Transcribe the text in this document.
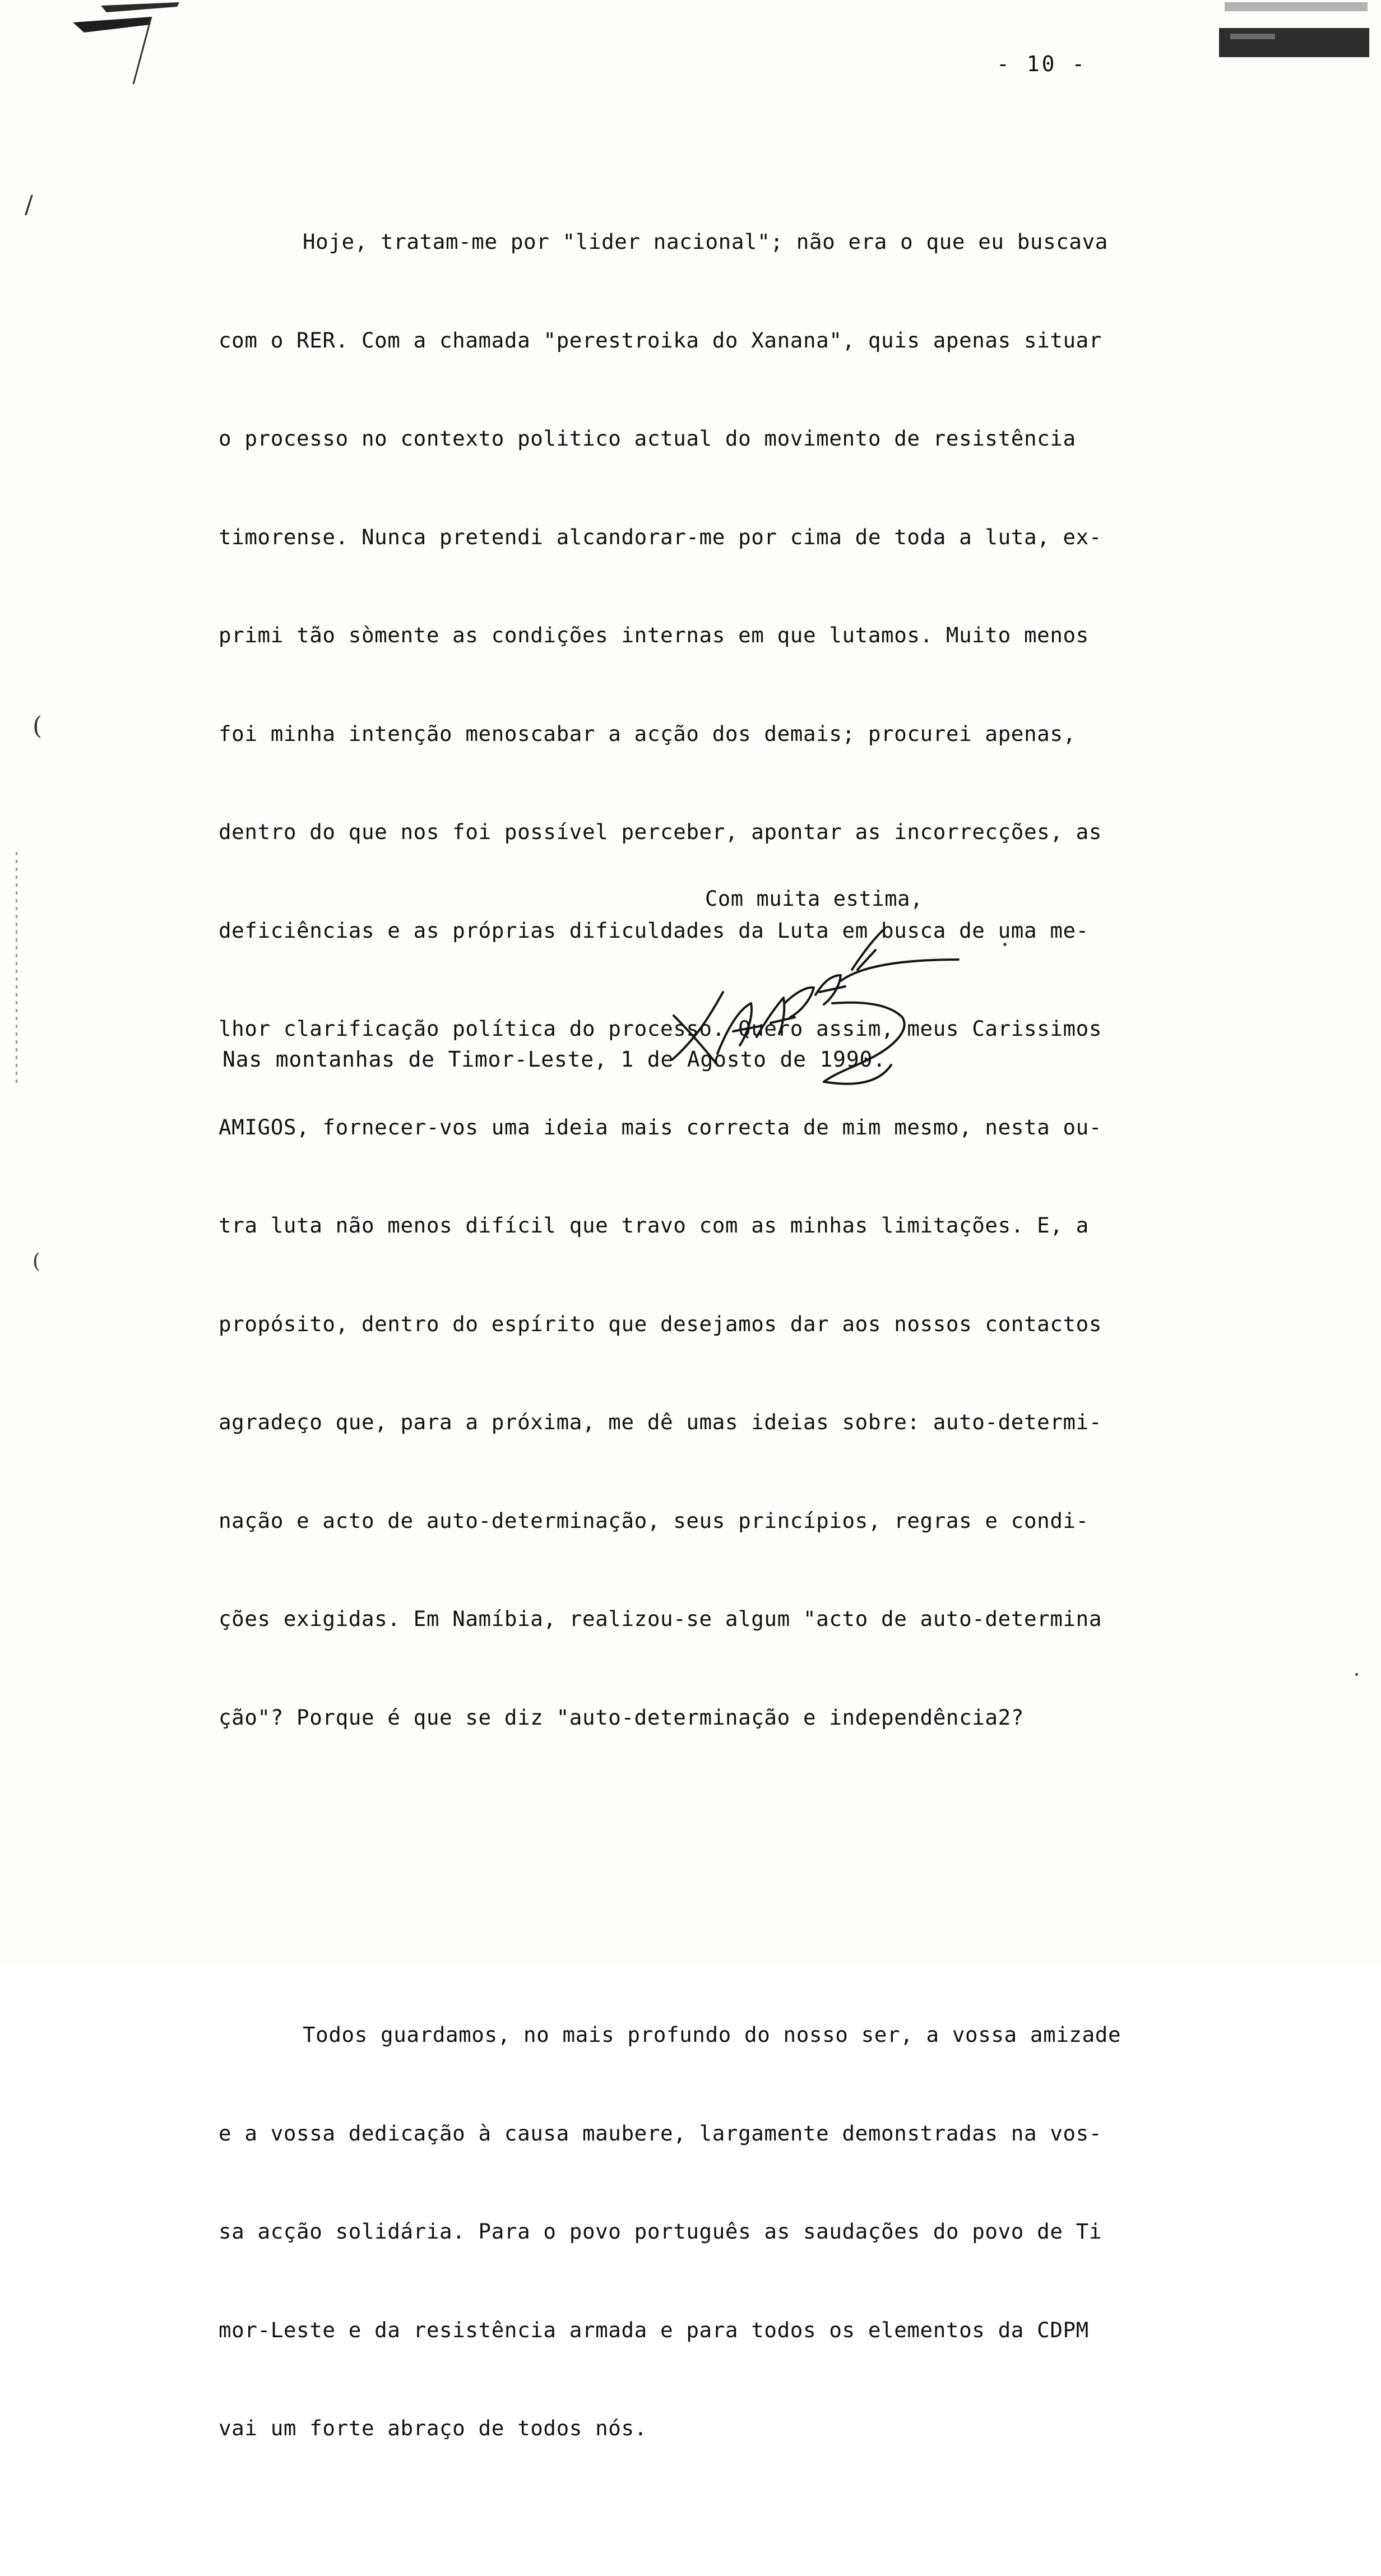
/
(
(
- 10 -

Hoje, tratam-me por "lider nacional"; não era o que eu buscava

com o RER. Com a chamada "perestroika do Xanana", quis apenas situar

o processo no contexto politico actual do movimento de resistência

timorense. Nunca pretendi alcandorar-me por cima de toda a luta, ex-

primi tão sòmente as condições internas em que lutamos. Muito menos

foi minha intenção menoscabar a acção dos demais; procurei apenas,

dentro do que nos foi possível perceber, apontar as incorrecções, as

deficiências e as próprias dificuldades da Luta em busca de uma me-

lhor clarificação política do processo. Quero assim, meus Carissimos

AMIGOS, fornecer-vos uma ideia mais correcta de mim mesmo, nesta ou-

tra luta não menos difícil que travo com as minhas limitações. E, a

propósito, dentro do espírito que desejamos dar aos nossos contactos

agradeço que, para a próxima, me dê umas ideias sobre: auto-determi-

nação e acto de auto-determinação, seus princípios, regras e condi-

ções exigidas. Em Namíbia, realizou-se algum "acto de auto-determina

ção"? Porque é que se diz "auto-determinação e independência2?

Todos guardamos, no mais profundo do nosso ser, a vossa amizade

e a vossa dedicação à causa maubere, largamente demonstradas na vos-

sa acção solidária. Para o povo português as saudações do povo de Ti

mor-Leste e da resistência armada e para todos os elementos da CDPM

vai um forte abraço de todos nós.

Com muita estima,
Nas montanhas de Timor-Leste, 1 de Agosto de 1990.
